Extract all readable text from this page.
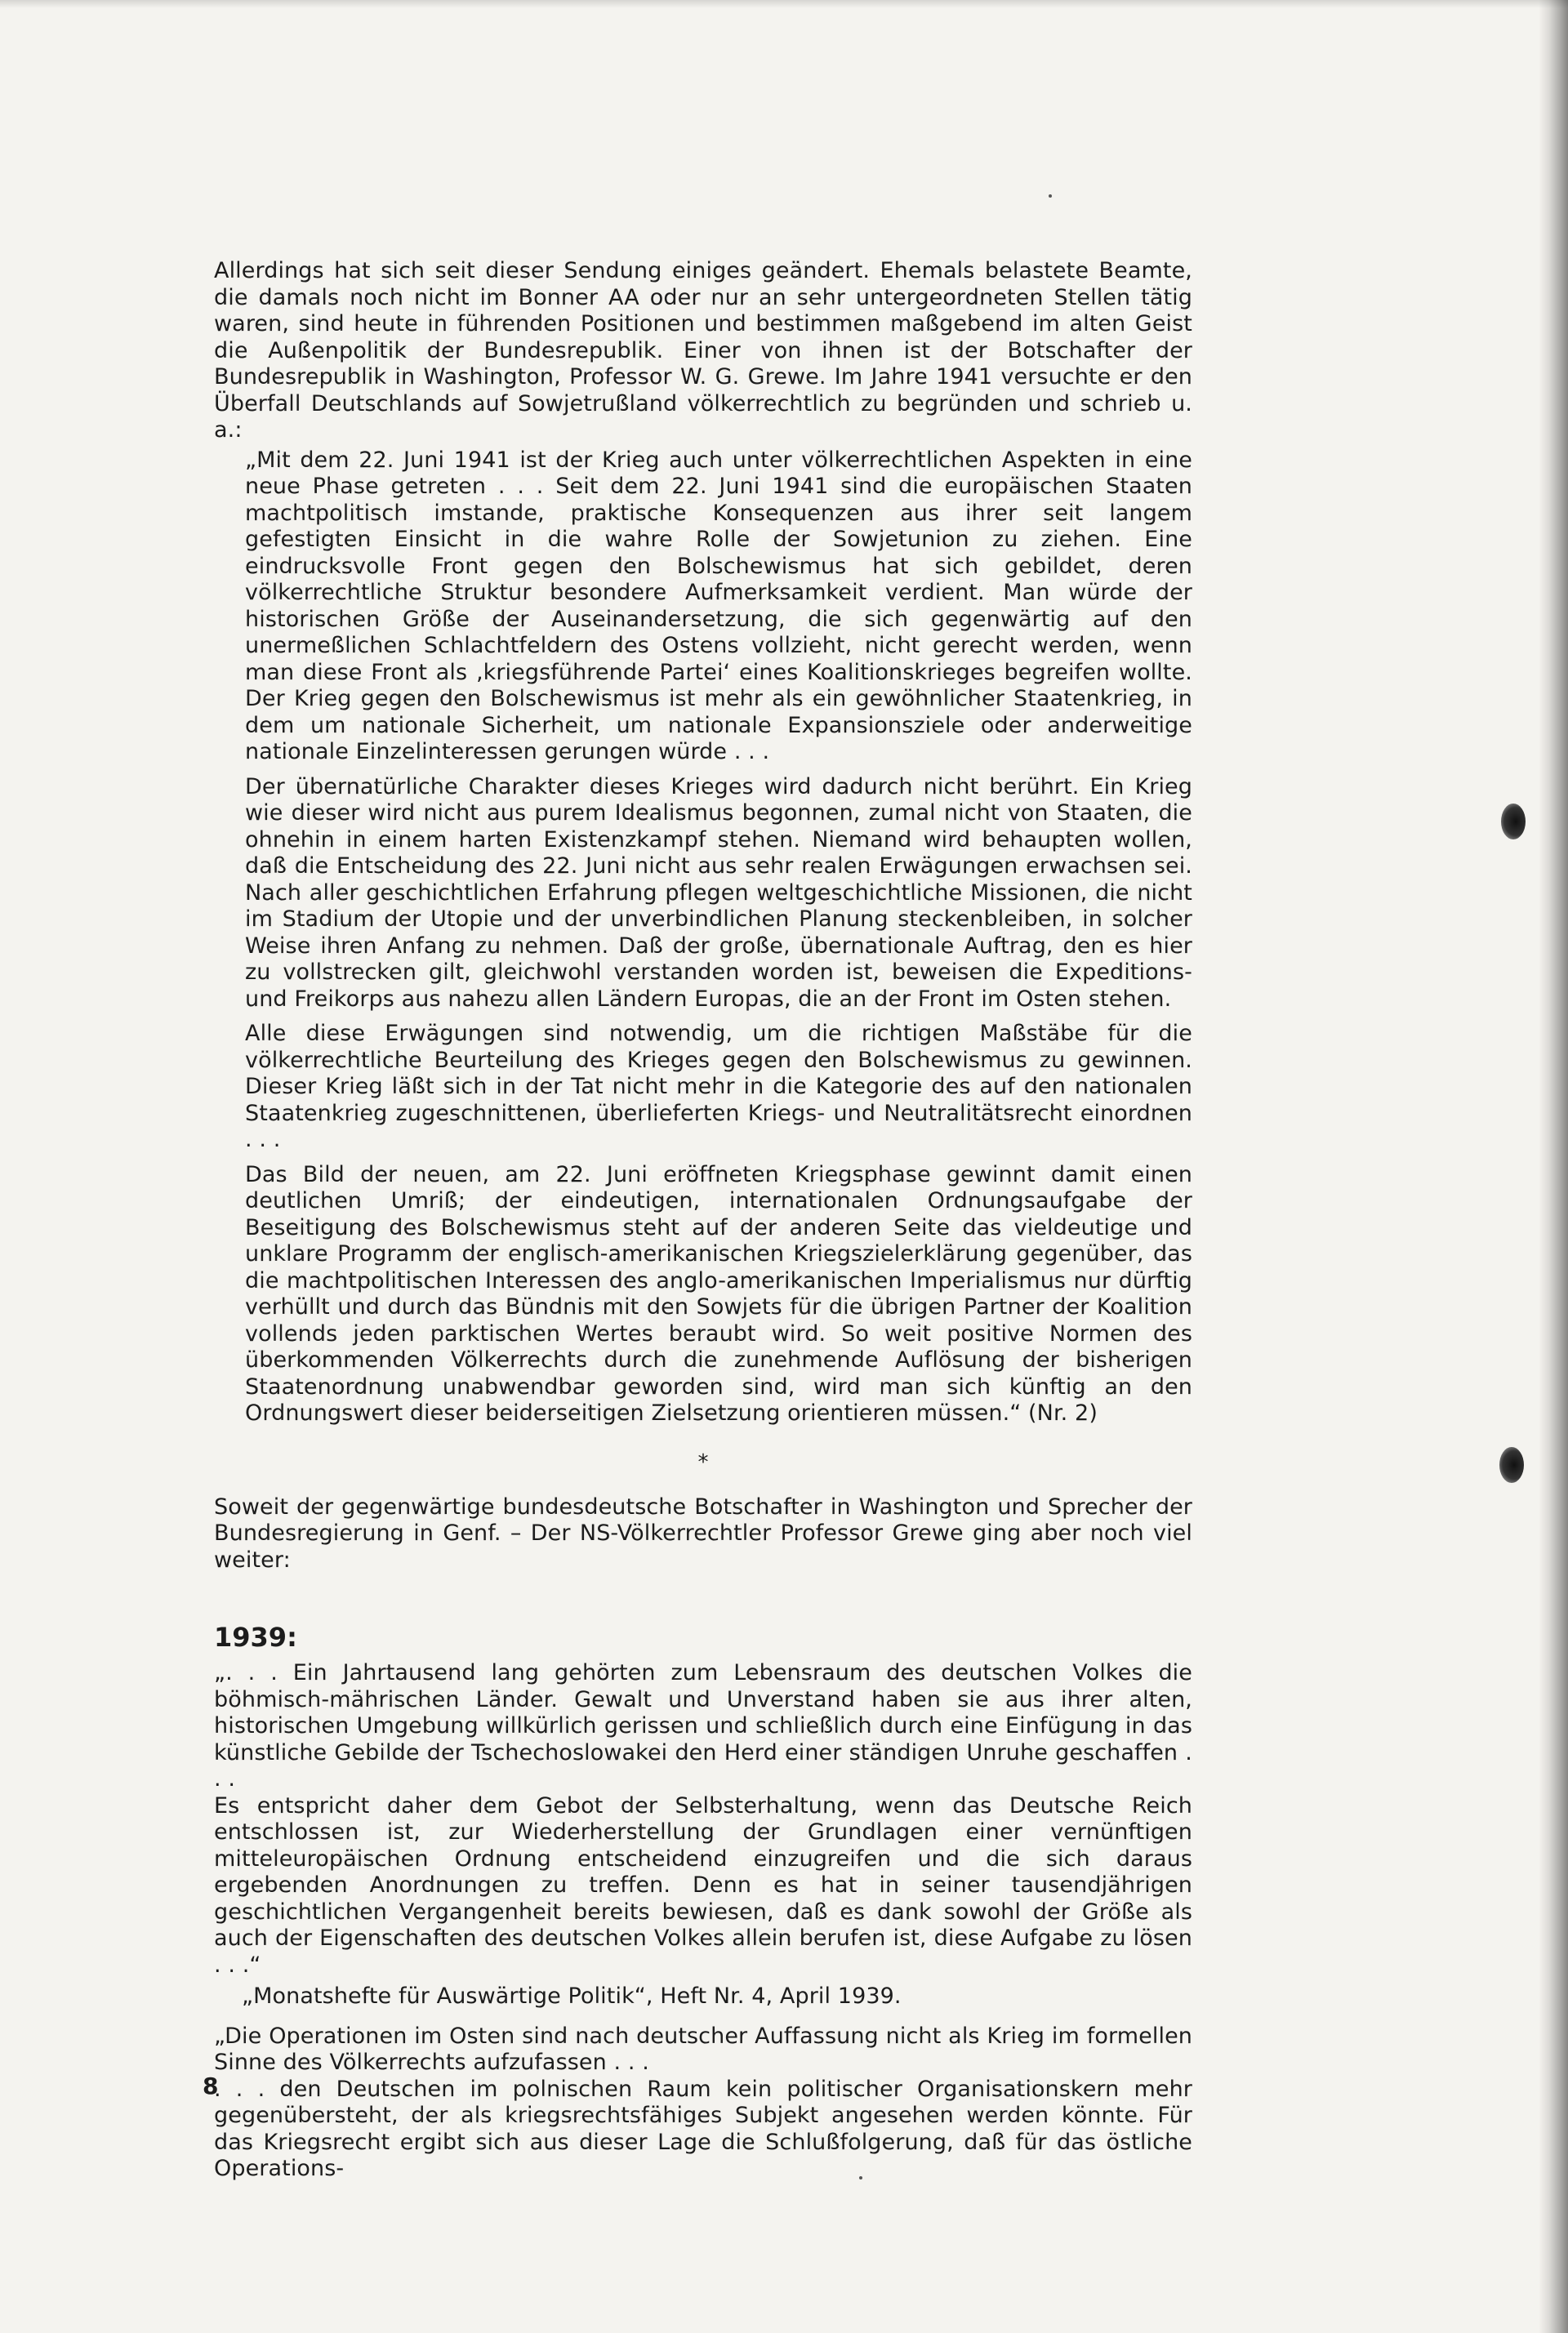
Allerdings hat sich seit dieser Sendung einiges geändert. Ehemals belastete Beamte, die damals noch nicht im Bonner AA oder nur an sehr untergeordneten Stellen tätig waren, sind heute in führenden Positionen und bestimmen maßgebend im alten Geist die Außenpolitik der Bundesrepublik. Einer von ihnen ist der Botschafter der Bundesrepublik in Washington, Professor W. G. Grewe. Im Jahre 1941 versuchte er den Überfall Deutschlands auf Sowjetrußland völkerrechtlich zu begründen und schrieb u. a.:

„Mit dem 22. Juni 1941 ist der Krieg auch unter völkerrechtlichen Aspekten in eine neue Phase getreten . . . Seit dem 22. Juni 1941 sind die europäischen Staaten machtpolitisch imstande, praktische Konsequenzen aus ihrer seit langem gefestigten Einsicht in die wahre Rolle der Sowjetunion zu ziehen. Eine eindrucksvolle Front gegen den Bolschewismus hat sich gebildet, deren völkerrechtliche Struktur besondere Aufmerksamkeit verdient. Man würde der historischen Größe der Auseinandersetzung, die sich gegenwärtig auf den unermeßlichen Schlachtfeldern des Ostens vollzieht, nicht gerecht werden, wenn man diese Front als ‚kriegsführende Partei‘ eines Koalitionskrieges begreifen wollte. Der Krieg gegen den Bolschewismus ist mehr als ein gewöhnlicher Staatenkrieg, in dem um nationale Sicherheit, um nationale Expansionsziele oder anderweitige nationale Einzelinteressen gerungen würde . . .

Der übernatürliche Charakter dieses Krieges wird dadurch nicht berührt. Ein Krieg wie dieser wird nicht aus purem Idealismus begonnen, zumal nicht von Staaten, die ohnehin in einem harten Existenzkampf stehen. Niemand wird behaupten wollen, daß die Entscheidung des 22. Juni nicht aus sehr realen Erwägungen erwachsen sei. Nach aller geschichtlichen Erfahrung pflegen weltgeschichtliche Missionen, die nicht im Stadium der Utopie und der unverbindlichen Planung steckenbleiben, in solcher Weise ihren Anfang zu nehmen. Daß der große, übernationale Auftrag, den es hier zu vollstrecken gilt, gleichwohl verstanden worden ist, beweisen die Expeditions- und Freikorps aus nahezu allen Ländern Europas, die an der Front im Osten stehen.

Alle diese Erwägungen sind notwendig, um die richtigen Maßstäbe für die völkerrechtliche Beurteilung des Krieges gegen den Bolschewismus zu gewinnen. Dieser Krieg läßt sich in der Tat nicht mehr in die Kategorie des auf den nationalen Staatenkrieg zugeschnittenen, überlieferten Kriegs- und Neutralitätsrecht einordnen . . .

Das Bild der neuen, am 22. Juni eröffneten Kriegsphase gewinnt damit einen deutlichen Umriß; der eindeutigen, internationalen Ordnungsaufgabe der Beseitigung des Bolschewismus steht auf der anderen Seite das vieldeutige und unklare Programm der englisch-amerikanischen Kriegszielerklärung gegenüber, das die machtpolitischen Interessen des anglo-amerikanischen Imperialismus nur dürftig verhüllt und durch das Bündnis mit den Sowjets für die übrigen Partner der Koalition vollends jeden parktischen Wertes beraubt wird. So weit positive Normen des überkommenden Völkerrechts durch die zunehmende Auflösung der bisherigen Staatenordnung unabwendbar geworden sind, wird man sich künftig an den Ordnungswert dieser beiderseitigen Zielsetzung orientieren müssen.“ (Nr. 2)

*

Soweit der gegenwärtige bundesdeutsche Botschafter in Washington und Sprecher der Bundesregierung in Genf. – Der NS-Völkerrechtler Professor Grewe ging aber noch viel weiter:

1939:

„. . . Ein Jahrtausend lang gehörten zum Lebensraum des deutschen Volkes die böhmisch-mährischen Länder. Gewalt und Unverstand haben sie aus ihrer alten, historischen Umgebung willkürlich gerissen und schließlich durch eine Einfügung in das künstliche Gebilde der Tschechoslowakei den Herd einer ständigen Unruhe geschaffen . . .

Es entspricht daher dem Gebot der Selbsterhaltung, wenn das Deutsche Reich entschlossen ist, zur Wiederherstellung der Grundlagen einer vernünftigen mitteleuropäischen Ordnung entscheidend einzugreifen und die sich daraus ergebenden Anordnungen zu treffen. Denn es hat in seiner tausendjährigen geschichtlichen Vergangenheit bereits bewiesen, daß es dank sowohl der Größe als auch der Eigenschaften des deutschen Volkes allein berufen ist, diese Aufgabe zu lösen . . .“

„Monatshefte für Auswärtige Politik“, Heft Nr. 4, April 1939.

„Die Operationen im Osten sind nach deutscher Auffassung nicht als Krieg im formellen Sinne des Völkerrechts aufzufassen . . .

. . . den Deutschen im polnischen Raum kein politischer Organisationskern mehr gegenübersteht, der als kriegsrechtsfähiges Subjekt angesehen werden könnte. Für das Kriegsrecht ergibt sich aus dieser Lage die Schlußfolgerung, daß für das östliche Operations-

8
